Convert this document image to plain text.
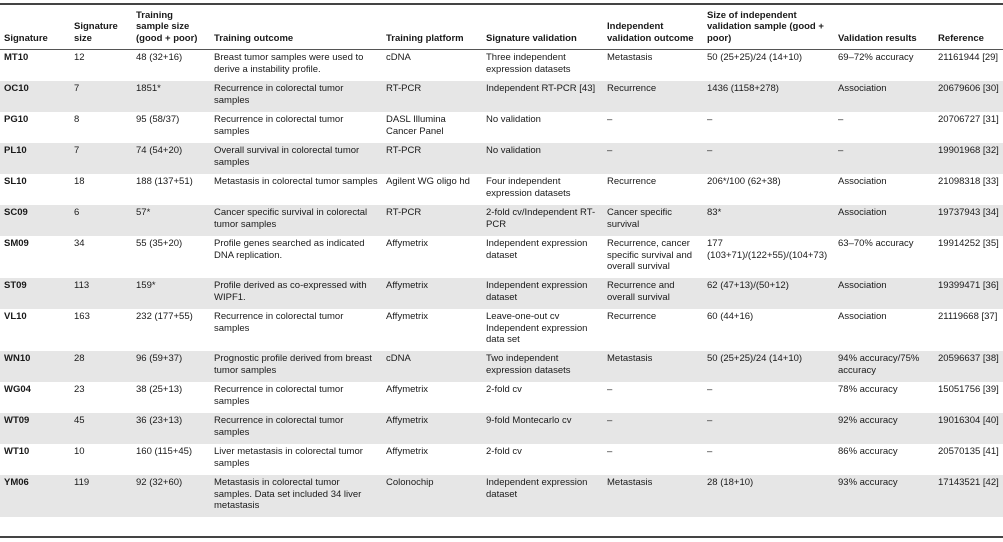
Signature	Signature size	Training sample size (good + poor)	Training outcome	Training platform	Signature validation	Independent validation outcome	Size of independent validation sample (good + poor)	Validation results	Reference
MT10	12	48 (32+16)	Breast tumor samples were used to derive a instability profile.	cDNA	Three independent expression datasets	Metastasis	50 (25+25)/24 (14+10)	69–72% accuracy	21161944 [29]
OC10	7	1851*	Recurrence in colorectal tumor samples	RT-PCR	Independent RT-PCR [43]	Recurrence	1436 (1158+278)	Association	20679606 [30]
PG10	8	95 (58/37)	Recurrence in colorectal tumor samples	DASL Illumina Cancer Panel	No validation	–	–	–	20706727 [31]
PL10	7	74 (54+20)	Overall survival in colorectal tumor samples	RT-PCR	No validation	–	–	–	19901968 [32]
SL10	18	188 (137+51)	Metastasis in colorectal tumor samples	Agilent WG oligo hd	Four independent expression datasets	Recurrence	206*/100 (62+38)	Association	21098318 [33]
SC09	6	57*	Cancer specific survival in colorectal tumor samples	RT-PCR	2-fold cv/Independent RT-PCR	Cancer specific survival	83*	Association	19737943 [34]
SM09	34	55 (35+20)	Profile genes searched as indicated DNA replication.	Affymetrix	Independent expression dataset	Recurrence, cancer specific survival and overall survival	177 (103+71)/(122+55)/(104+73)	63–70% accuracy	19914252 [35]
ST09	113	159*	Profile derived as co-expressed with WIPF1.	Affymetrix	Independent expression dataset	Recurrence and overall survival	62 (47+13)/(50+12)	Association	19399471 [36]
VL10	163	232 (177+55)	Recurrence in colorectal tumor samples	Affymetrix	Leave-one-out cv Independent expression data set	Recurrence	60 (44+16)	Association	21119668 [37]
WN10	28	96 (59+37)	Prognostic profile derived from breast tumor samples	cDNA	Two independent expression datasets	Metastasis	50 (25+25)/24 (14+10)	94% accuracy/75% accuracy	20596637 [38]
WG04	23	38 (25+13)	Recurrence in colorectal tumor samples	Affymetrix	2-fold cv	–	–	78% accuracy	15051756 [39]
WT09	45	36 (23+13)	Recurrence in colorectal tumor samples	Affymetrix	9-fold Montecarlo cv	–	–	92% accuracy	19016304 [40]
WT10	10	160 (115+45)	Liver metastasis in colorectal tumor samples	Affymetrix	2-fold cv	–	–	86% accuracy	20570135 [41]
YM06	119	92 (32+60)	Metastasis in colorectal tumor samples. Data set included 34 liver metastasis	Colonochip	Independent expression dataset	Metastasis	28 (18+10)	93% accuracy	17143521 [42]
